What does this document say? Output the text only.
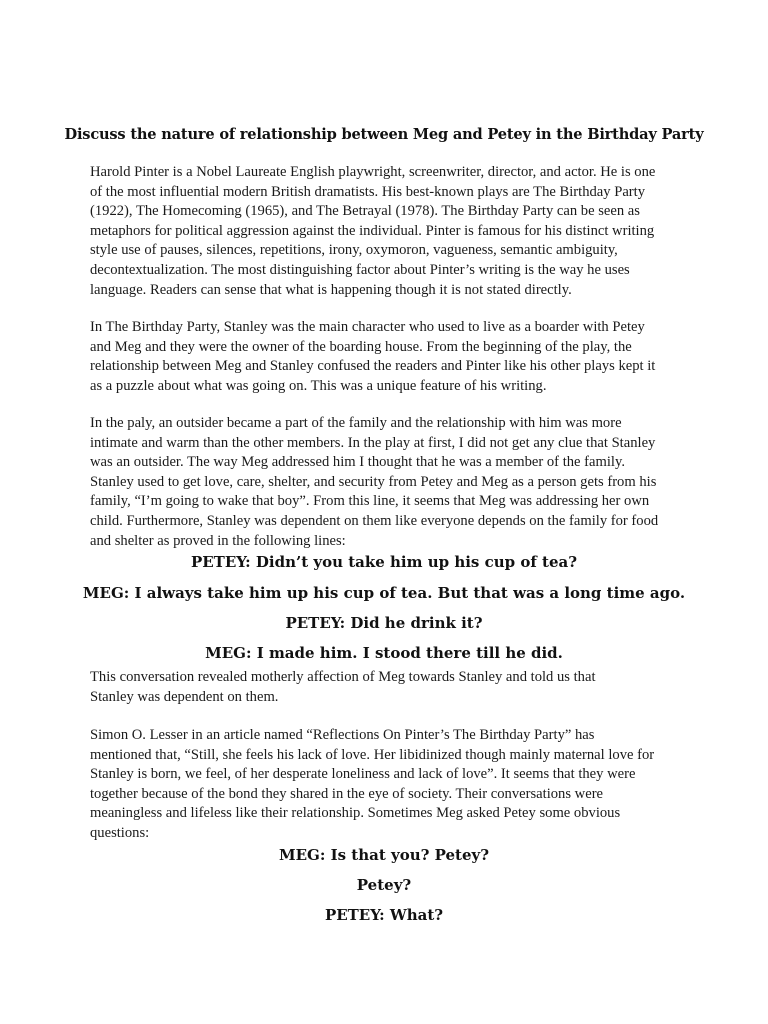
Discuss the nature of relationship between Meg and Petey in the Birthday Party
Harold Pinter is a Nobel Laureate English playwright, screenwriter, director, and actor. He is one
of the most influential modern British dramatists. His best-known plays are The Birthday Party
(1922), The Homecoming (1965), and The Betrayal (1978). The Birthday Party can be seen as
metaphors for political aggression against the individual. Pinter is famous for his distinct writing
style use of pauses, silences, repetitions, irony, oxymoron, vagueness, semantic ambiguity,
decontextualization. The most distinguishing factor about Pinter’s writing is the way he uses
language. Readers can sense that what is happening though it is not stated directly.
In The Birthday Party, Stanley was the main character who used to live as a boarder with Petey
and Meg and they were the owner of the boarding house. From the beginning of the play, the
relationship between Meg and Stanley confused the readers and Pinter like his other plays kept it
as a puzzle about what was going on. This was a unique feature of his writing.
In the paly, an outsider became a part of the family and the relationship with him was more
intimate and warm than the other members. In the play at first, I did not get any clue that Stanley
was an outsider. The way Meg addressed him I thought that he was a member of the family.
Stanley used to get love, care, shelter, and security from Petey and Meg as a person gets from his
family, “I’m going to wake that boy”. From this line, it seems that Meg was addressing her own
child. Furthermore, Stanley was dependent on them like everyone depends on the family for food
and shelter as proved in the following lines:
PETEY: Didn’t you take him up his cup of tea?
MEG: I always take him up his cup of tea. But that was a long time ago.
PETEY: Did he drink it?
MEG: I made him. I stood there till he did.
This conversation revealed motherly affection of Meg towards Stanley and told us that
Stanley was dependent on them.
Simon O. Lesser in an article named “Reflections On Pinter’s The Birthday Party” has
mentioned that, “Still, she feels his lack of love. Her libidinized though mainly maternal love for
Stanley is born, we feel, of her desperate loneliness and lack of love”. It seems that they were
together because of the bond they shared in the eye of society. Their conversations were
meaningless and lifeless like their relationship. Sometimes Meg asked Petey some obvious
questions:
MEG: Is that you? Petey?
Petey?
PETEY: What?
